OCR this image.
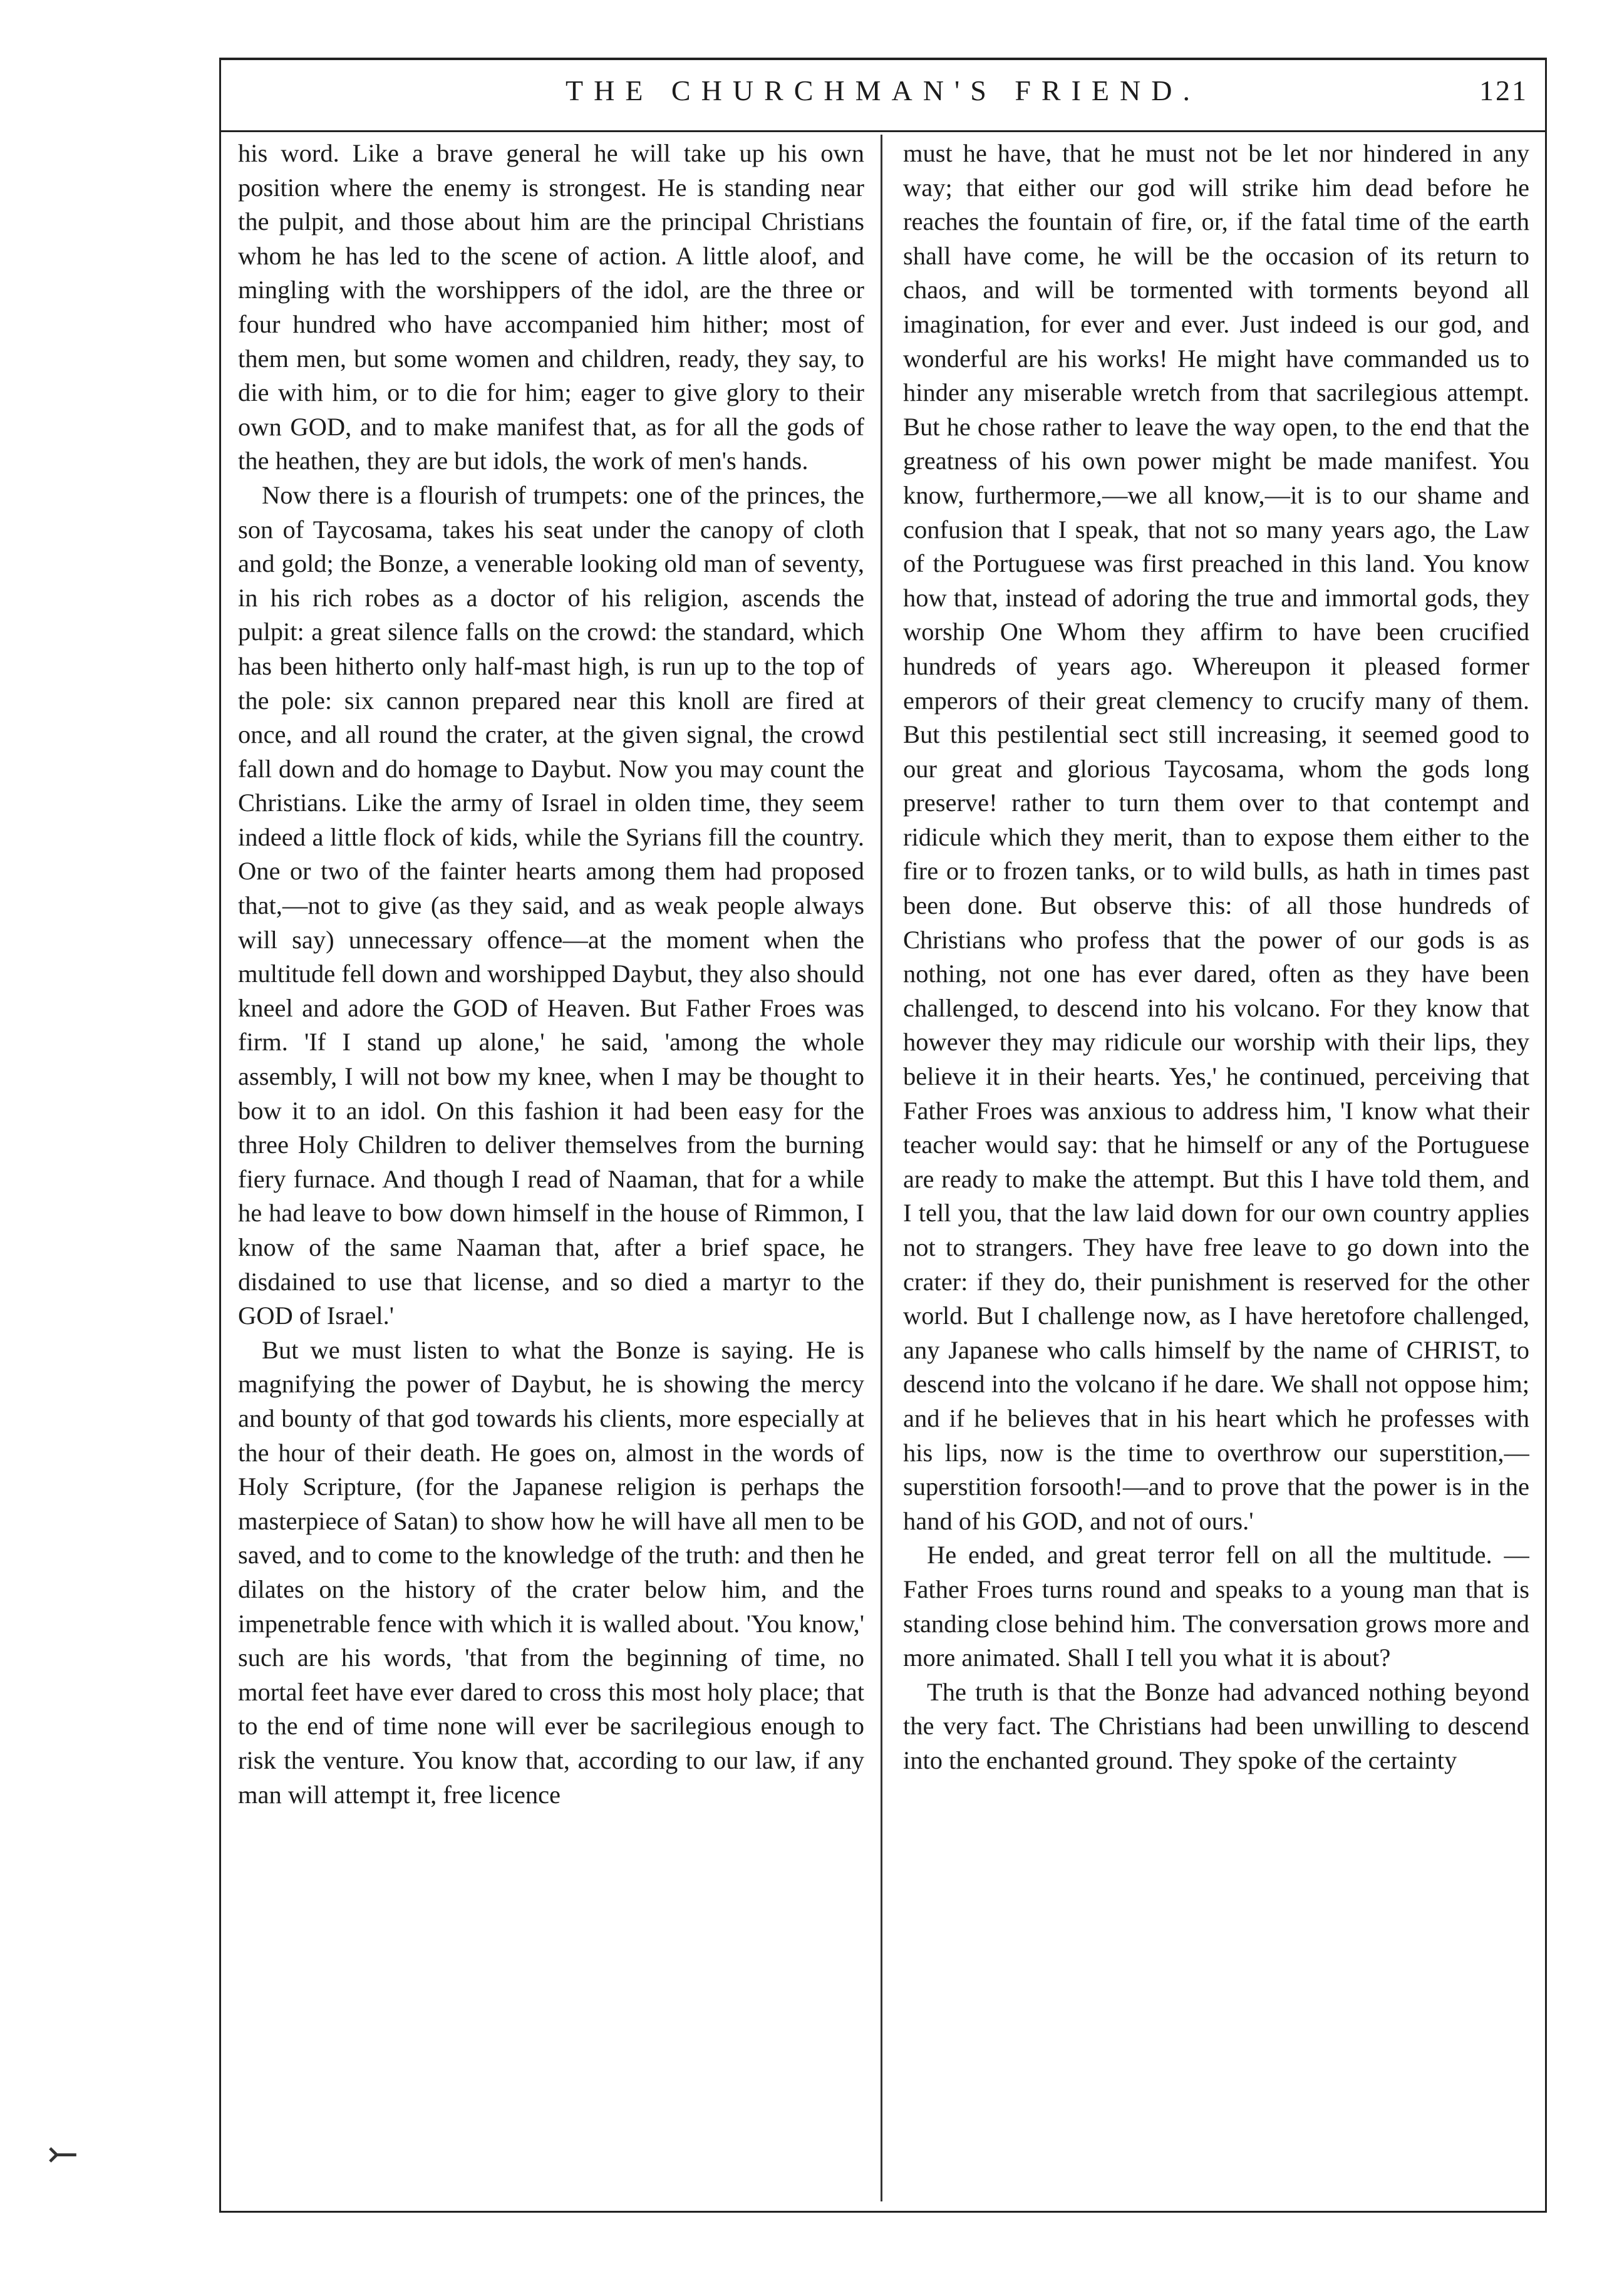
THE CHURCHMAN'S FRIEND.	121

his word. Like a brave general he will take up his own position where the enemy is strongest. He is standing near the pulpit, and those about him are the principal Christians whom he has led to the scene of action. A little aloof, and mingling with the worshippers of the idol, are the three or four hundred who have accompanied him hither; most of them men, but some women and children, ready, they say, to die with him, or to die for him; eager to give glory to their own GOD, and to make manifest that, as for all the gods of the heathen, they are but idols, the work of men's hands.

Now there is a flourish of trumpets: one of the princes, the son of Taycosama, takes his seat under the canopy of cloth and gold; the Bonze, a venerable looking old man of seventy, in his rich robes as a doctor of his religion, ascends the pulpit: a great silence falls on the crowd: the standard, which has been hitherto only half-mast high, is run up to the top of the pole: six cannon prepared near this knoll are fired at once, and all round the crater, at the given signal, the crowd fall down and do homage to Daybut. Now you may count the Christians. Like the army of Israel in olden time, they seem indeed a little flock of kids, while the Syrians fill the country. One or two of the fainter hearts among them had proposed that,—not to give (as they said, and as weak people always will say) unnecessary offence—at the moment when the multitude fell down and worshipped Daybut, they also should kneel and adore the GOD of Heaven. But Father Froes was firm. 'If I stand up alone,' he said, 'among the whole assembly, I will not bow my knee, when I may be thought to bow it to an idol. On this fashion it had been easy for the three Holy Children to deliver themselves from the burning fiery furnace. And though I read of Naaman, that for a while he had leave to bow down himself in the house of Rimmon, I know of the same Naaman that, after a brief space, he disdained to use that license, and so died a martyr to the GOD of Israel.'

But we must listen to what the Bonze is saying. He is magnifying the power of Daybut, he is showing the mercy and bounty of that god towards his clients, more especially at the hour of their death. He goes on, almost in the words of Holy Scripture, (for the Japanese religion is perhaps the masterpiece of Satan) to show how he will have all men to be saved, and to come to the knowledge of the truth: and then he dilates on the history of the crater below him, and the impenetrable fence with which it is walled about. 'You know,' such are his words, 'that from the beginning of time, no mortal feet have ever dared to cross this most holy place; that to the end of time none will ever be sacrilegious enough to risk the venture. You know that, according to our law, if any man will attempt it, free licence

must he have, that he must not be let nor hindered in any way; that either our god will strike him dead before he reaches the fountain of fire, or, if the fatal time of the earth shall have come, he will be the occasion of its return to chaos, and will be tormented with torments beyond all imagination, for ever and ever. Just indeed is our god, and wonderful are his works! He might have commanded us to hinder any miserable wretch from that sacrilegious attempt. But he chose rather to leave the way open, to the end that the greatness of his own power might be made manifest. You know, furthermore,—we all know,—it is to our shame and confusion that I speak, that not so many years ago, the Law of the Portuguese was first preached in this land. You know how that, instead of adoring the true and immortal gods, they worship One Whom they affirm to have been crucified hundreds of years ago. Whereupon it pleased former emperors of their great clemency to crucify many of them. But this pestilential sect still increasing, it seemed good to our great and glorious Taycosama, whom the gods long preserve! rather to turn them over to that contempt and ridicule which they merit, than to expose them either to the fire or to frozen tanks, or to wild bulls, as hath in times past been done. But observe this: of all those hundreds of Christians who profess that the power of our gods is as nothing, not one has ever dared, often as they have been challenged, to descend into his volcano. For they know that however they may ridicule our worship with their lips, they believe it in their hearts. Yes,' he continued, perceiving that Father Froes was anxious to address him, 'I know what their teacher would say: that he himself or any of the Portuguese are ready to make the attempt. But this I have told them, and I tell you, that the law laid down for our own country applies not to strangers. They have free leave to go down into the crater: if they do, their punishment is reserved for the other world. But I challenge now, as I have heretofore challenged, any Japanese who calls himself by the name of CHRIST, to descend into the volcano if he dare. We shall not oppose him; and if he believes that in his heart which he professes with his lips, now is the time to overthrow our superstition,—superstition forsooth!—and to prove that the power is in the hand of his GOD, and not of ours.'

He ended, and great terror fell on all the multitude. — Father Froes turns round and speaks to a young man that is standing close behind him. The conversation grows more and more animated. Shall I tell you what it is about?

The truth is that the Bonze had advanced nothing beyond the very fact. The Christians had been unwilling to descend into the enchanted ground. They spoke of the certainty

⤚
